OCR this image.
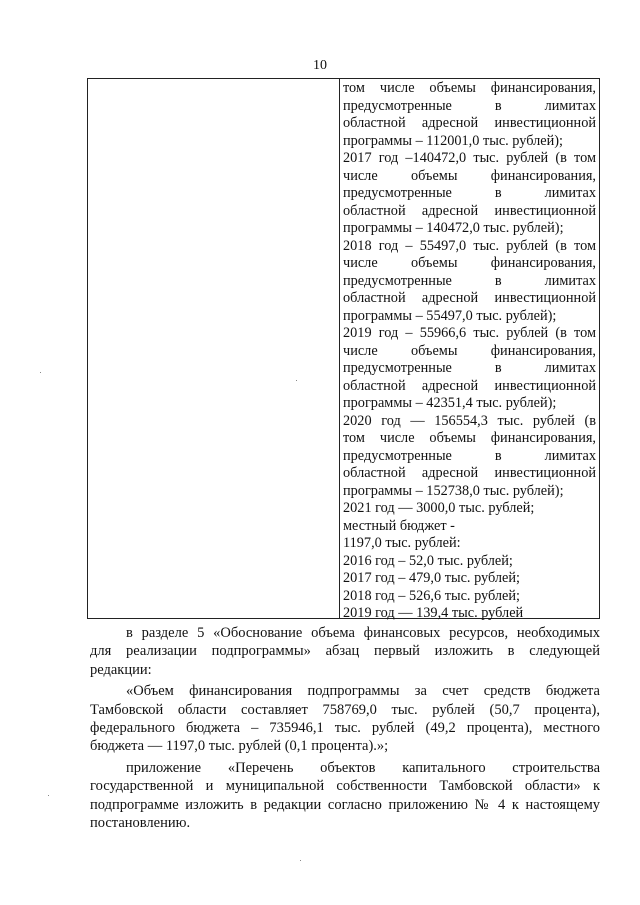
10
том числе объемы финансирования,
предусмотренные в лимитах
областной адресной инвестиционной
программы – 112001,0 тыс. рублей);
2017 год –140472,0 тыс. рублей (в том
числе объемы финансирования,
предусмотренные в лимитах
областной адресной инвестиционной
программы – 140472,0 тыс. рублей);
2018 год – 55497,0 тыс. рублей (в том
числе объемы финансирования,
предусмотренные в лимитах
областной адресной инвестиционной
программы – 55497,0 тыс. рублей);
2019 год – 55966,6 тыс. рублей (в том
числе объемы финансирования,
предусмотренные в лимитах
областной адресной инвестиционной
программы – 42351,4 тыс. рублей);
2020 год — 156554,3 тыс. рублей (в
том числе объемы финансирования,
предусмотренные в лимитах
областной адресной инвестиционной
программы – 152738,0 тыс. рублей);
2021 год — 3000,0 тыс. рублей;
местный бюджет -
1197,0 тыс. рублей:
2016 год – 52,0 тыс. рублей;
2017 год – 479,0 тыс. рублей;
2018 год – 526,6 тыс. рублей;
2019 год — 139,4 тыс. рублей
в разделе 5 «Обоснование объема финансовых ресурсов, необходимых
для реализации подпрограммы» абзац первый изложить в следующей
редакции:
«Объем финансирования подпрограммы за счет средств бюджета
Тамбовской области составляет 758769,0 тыс. рублей (50,7 процента),
федерального бюджета – 735946,1 тыс. рублей (49,2 процента), местного
бюджета — 1197,0 тыс. рублей (0,1 процента).»;
приложение «Перечень объектов капитального строительства
государственной и муниципальной собственности Тамбовской области» к
подпрограмме изложить в редакции согласно приложению № 4 к настоящему
постановлению.
